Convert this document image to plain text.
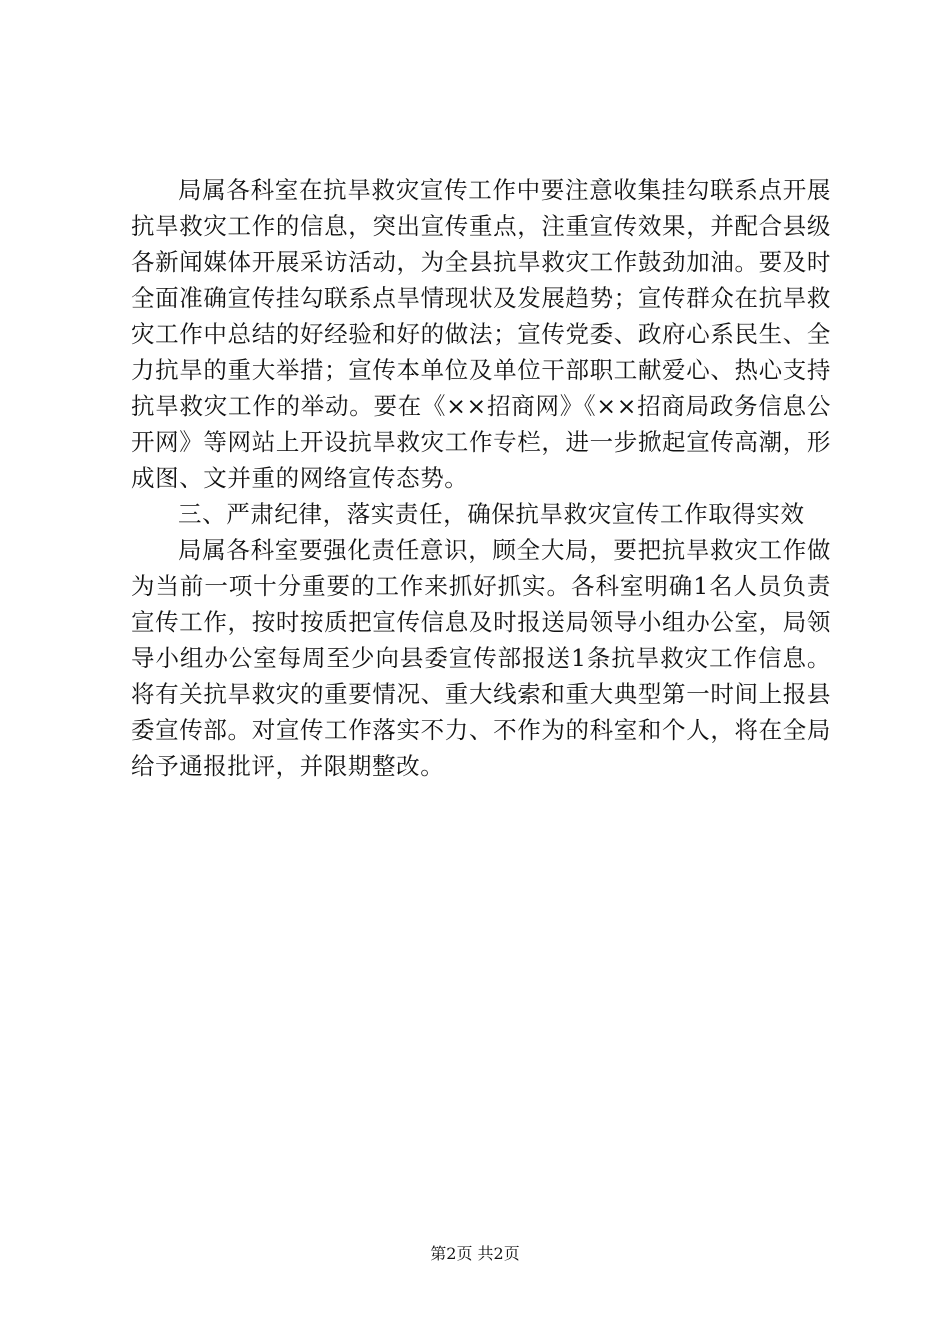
局属各科室在抗旱救灾宣传工作中要注意收集挂勾联系点开展抗旱救灾工作的信息，突出宣传重点，注重宣传效果，并配合县级各新闻媒体开展采访活动，为全县抗旱救灾工作鼓劲加油。要及时全面准确宣传挂勾联系点旱情现状及发展趋势；宣传群众在抗旱救灾工作中总结的好经验和好的做法；宣传党委、政府心系民生、全力抗旱的重大举措；宣传本单位及单位干部职工献爱心、热心支持抗旱救灾工作的举动。要在《××招商网》《××招商局政务信息公开网》等网站上开设抗旱救灾工作专栏，进一步掀起宣传高潮，形成图、文并重的网络宣传态势。

三、严肃纪律，落实责任，确保抗旱救灾宣传工作取得实效

局属各科室要强化责任意识，顾全大局，要把抗旱救灾工作做为当前一项十分重要的工作来抓好抓实。各科室明确1名人员负责宣传工作，按时按质把宣传信息及时报送局领导小组办公室，局领导小组办公室每周至少向县委宣传部报送1条抗旱救灾工作信息。将有关抗旱救灾的重要情况、重大线索和重大典型第一时间上报县委宣传部。对宣传工作落实不力、不作为的科室和个人，将在全局给予通报批评，并限期整改。

第2页 共2页
